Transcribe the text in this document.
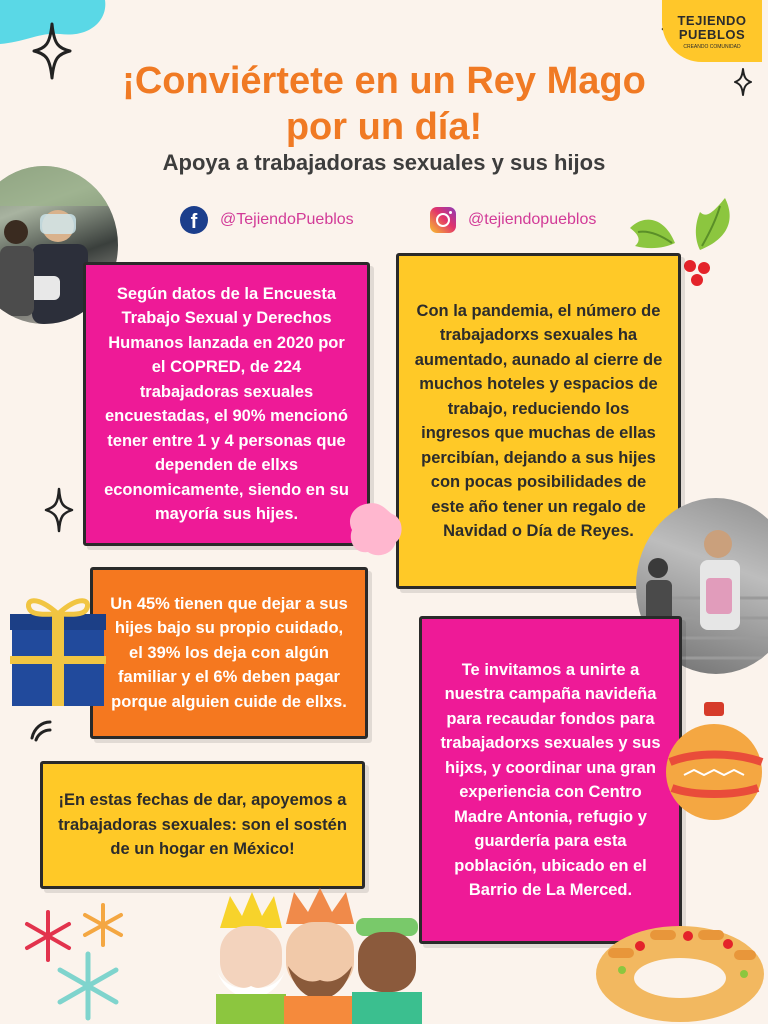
TEJIENDO
PUEBLOS
CREANDO COMUNIDAD
¡Conviértete en un Rey Mago
por un día!
Apoya a trabajadoras sexuales y sus hijos
f	@TejiendoPueblos	@tejiendopueblos
Según datos de la Encuesta Trabajo Sexual y Derechos Humanos lanzada en 2020 por el COPRED, de 224 trabajadoras sexuales encuestadas, el 90% mencionó tener entre 1 y 4 personas que dependen de ellxs economicamente, siendo en su mayoría sus hijes.
Con la pandemia, el número de trabajadorxs sexuales ha aumentado, aunado al cierre de muchos hoteles y espacios de trabajo, reduciendo los ingresos que muchas de ellas percibían, dejando a sus hijes con pocas posibilidades de este año tener un regalo de Navidad o Día de Reyes.
Un 45% tienen que dejar a sus hijes bajo su propio cuidado, el 39% los deja con algún familiar y el 6% deben pagar porque alguien cuide de ellxs.
¡En estas fechas de dar, apoyemos a trabajadoras sexuales: son el sostén de un hogar en México!
Te invitamos a unirte a nuestra campaña navideña para recaudar fondos para trabajadorxs sexuales y sus hijxs, y coordinar una gran experiencia con Centro Madre Antonia, refugio y guardería para esta población, ubicado en el Barrio de La Merced.
